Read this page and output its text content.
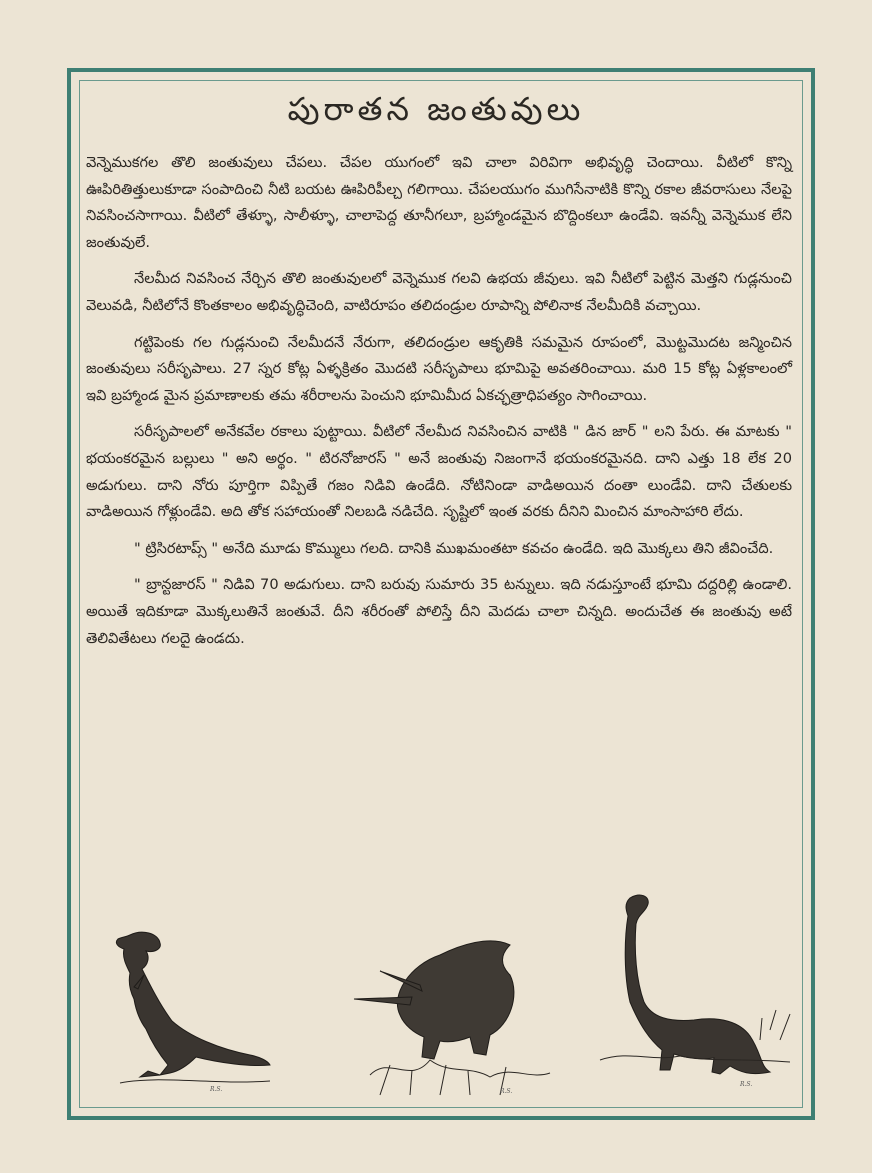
పురాతన జంతువులు

వెన్నెముకగల తొలి జంతువులు చేపలు. చేపల యుగంలో ఇవి చాలా విరివిగా అభివృద్ధి చెందాయి. వీటిలో కొన్ని ఊపిరితిత్తులుకూడా సంపాదించి నీటి బయట ఊపిరిపీల్చ గలిగాయి. చేపలయుగం ముగిసేనాటికి కొన్ని రకాల జీవరాసులు నేలపై నివసించసాగాయి. వీటిలో తేళ్ళూ, సాలీళ్ళూ, చాలాపెద్ద తూనీగలూ, బ్రహ్మాండమైన బొద్దింకలూ ఉండేవి. ఇవన్నీ వెన్నెముక లేని జంతువులే.

నేలమీద నివసించ నేర్చిన తొలి జంతువులలో వెన్నెముక గలవి ఉభయ జీవులు. ఇవి నీటిలో పెట్టిన మెత్తని గుడ్లనుంచి వెలువడి, నీటిలోనే కొంతకాలం అభివృద్ధిచెంది, వాటిరూపం తలిదండ్రుల రూపాన్ని పోలినాక నేలమీదికి వచ్చాయి.

గట్టిపెంకు గల గుడ్లనుంచి నేలమీదనే నేరుగా, తలిదండ్రుల ఆకృతికి సమమైన రూపంలో, మొట్టమొదట జన్మించిన జంతువులు సరీసృపాలు. 27 స్నర కోట్ల ఏళ్ళక్రితం మొదటి సరీసృపాలు భూమిపై అవతరించాయి. మరి 15 కోట్ల ఏళ్లకాలంలో ఇవి బ్రహ్మాండ మైన ప్రమాణాలకు తమ శరీరాలను పెంచుని భూమిమీద ఏకచ్ఛత్రాధిపత్యం సాగించాయి.

సరీసృపాలలో అనేకవేల రకాలు పుట్టాయి. వీటిలో నేలమీద నివసించిన వాటికి " డిన జార్ " లని పేరు. ఈ మాటకు " భయంకరమైన బల్లులు " అని అర్థం. " టిరనోజారస్ " అనే జంతువు నిజంగానే భయంకరమైనది. దాని ఎత్తు 18 లేక 20 అడుగులు. దాని నోరు పూర్తిగా విప్పితే గజం నిడివి ఉండేది. నోటినిండా వాడిఅయిన దంతా లుండేవి. దాని చేతులకు వాడిఅయిన గోళ్లుండేవి. అది తోక సహాయంతో నిలబడి నడిచేది. సృష్టిలో ఇంత వరకు దీనిని మించిన మాంసాహారి లేదు.

" ట్రిసిరటాప్స్ " అనేది మూడు కొమ్ములు గలది. దానికి ముఖమంతటా కవచం ఉండేది. ఇది మొక్కలు తిని జీవించేది.

" బ్రాన్టజారస్ " నిడివి 70 అడుగులు. దాని బరువు సుమారు 35 టన్నులు. ఇది నడుస్తూంటే భూమి దద్దరిల్లి ఉండాలి. అయితే ఇదికూడా మొక్కలుతినే జంతువే. దీని శరీరంతో పోలిస్తే దీని మెదడు చాలా చిన్నది. అందుచేత ఈ జంతువు అటే తెలివితేటలు గలదై ఉండదు.

R.S.	R.S.
R.S.
